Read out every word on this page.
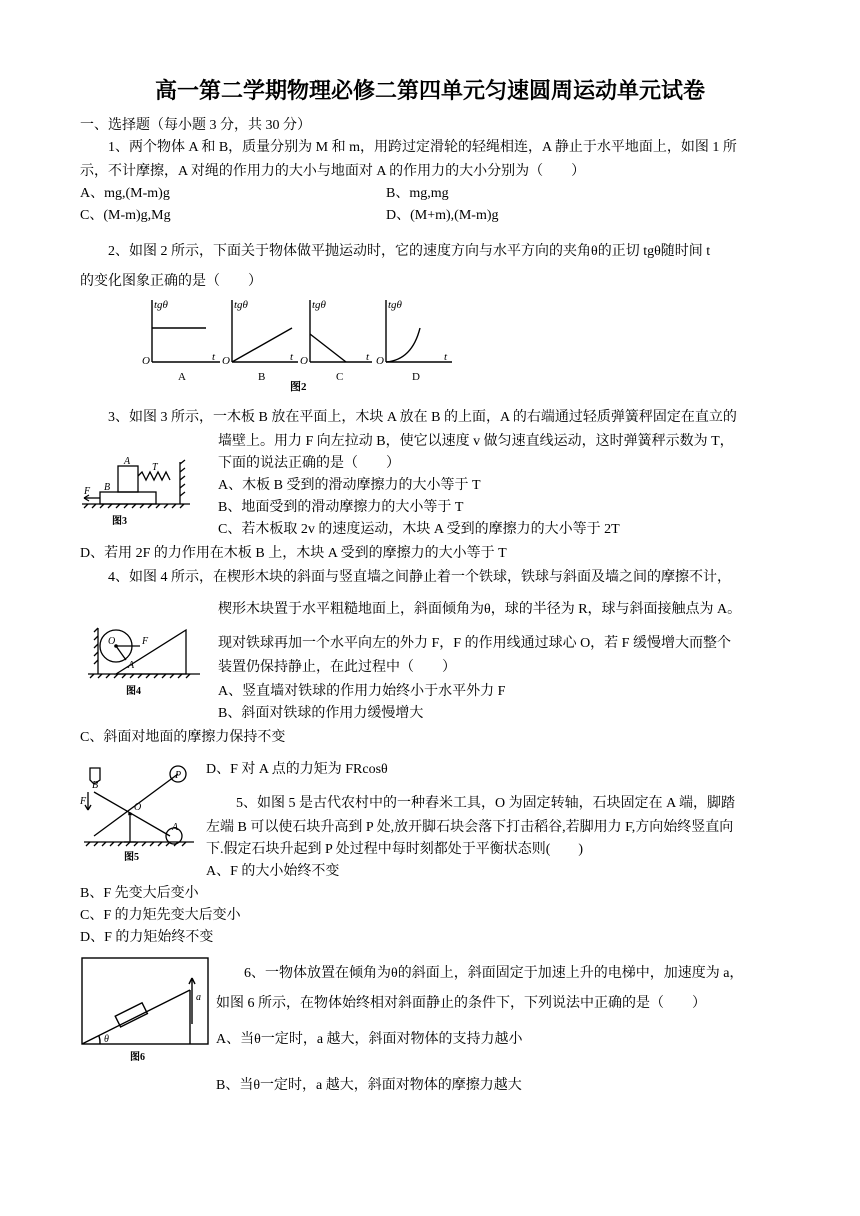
高一第二学期物理必修二第四单元匀速圆周运动单元试卷
一、选择题（每小题 3 分，共 30 分）
1、两个物体 A 和 B，质量分别为 M 和 m，用跨过定滑轮的轻绳相连，A 静止于水平地面上，如图 1 所
示，不计摩擦，A 对绳的作用力的大小与地面对 A 的作用力的大小分别为（　　）
A、mg,(M-m)g	B、mg,mg
C、(M-m)g,Mg	D、(M+m),(M-m)g
2、如图 2 所示，下面关于物体做平抛运动时，它的速度方向与水平方向的夹角θ的正切 tgθ随时间 t
的变化图象正确的是（　　）
tgθ	tgθ	tgθ	tgθ
O	O	O	O
t	t	t	t
A	B	C	D
图2
3、如图 3 所示，一木板 B 放在平面上，木块 A 放在 B 的上面，A 的右端通过轻质弹簧秤固定在直立的
墙壁上。用力 F 向左拉动 B，使它以速度 v 做匀速直线运动，这时弹簧秤示数为 T，
下面的说法正确的是（　　）
A、木板 B 受到的滑动摩擦力的大小等于 T
B、地面受到的滑动摩擦力的大小等于 T
C、若木板取 2v 的速度运动，木块 A 受到的摩擦力的大小等于 2T
D、若用 2F 的力作用在木板 B 上，木块 A 受到的摩擦力的大小等于 T
A
B
F
T
图3
4、如图 4 所示，在楔形木块的斜面与竖直墙之间静止着一个铁球，铁球与斜面及墙之间的摩擦不计，
楔形木块置于水平粗糙地面上，斜面倾角为θ，球的半径为 R，球与斜面接触点为 A。
现对铁球再加一个水平向左的外力 F，F 的作用线通过球心 O，若 F 缓慢增大而整个
装置仍保持静止，在此过程中（　　）
A、竖直墙对铁球的作用力始终小于水平外力 F
B、斜面对铁球的作用力缓慢增大
C、斜面对地面的摩擦力保持不变
D、F 对 A 点的力矩为 FRcosθ
O	F
A
图4
5、如图 5 是古代农村中的一种舂米工具，O 为固定转轴，石块固定在 A 端，脚踏
左端 B 可以使石块升高到 P 处,放开脚石块会落下打击稻谷,若脚用力 F,方向始终竖直向
下.假定石块升起到 P 处过程中每时刻都处于平衡状态则(　　)
A、F 的大小始终不变
B、F 先变大后变小
C、F 的力矩先变大后变小
D、F 的力矩始终不变
B
F
O
P
A
图5
6、一物体放置在倾角为θ的斜面上，斜面固定于加速上升的电梯中，加速度为 a，
如图 6 所示，在物体始终相对斜面静止的条件下，下列说法中正确的是（　　）
A、当θ一定时，a 越大，斜面对物体的支持力越小
B、当θ一定时，a 越大，斜面对物体的摩擦力越大
a
θ
图6
